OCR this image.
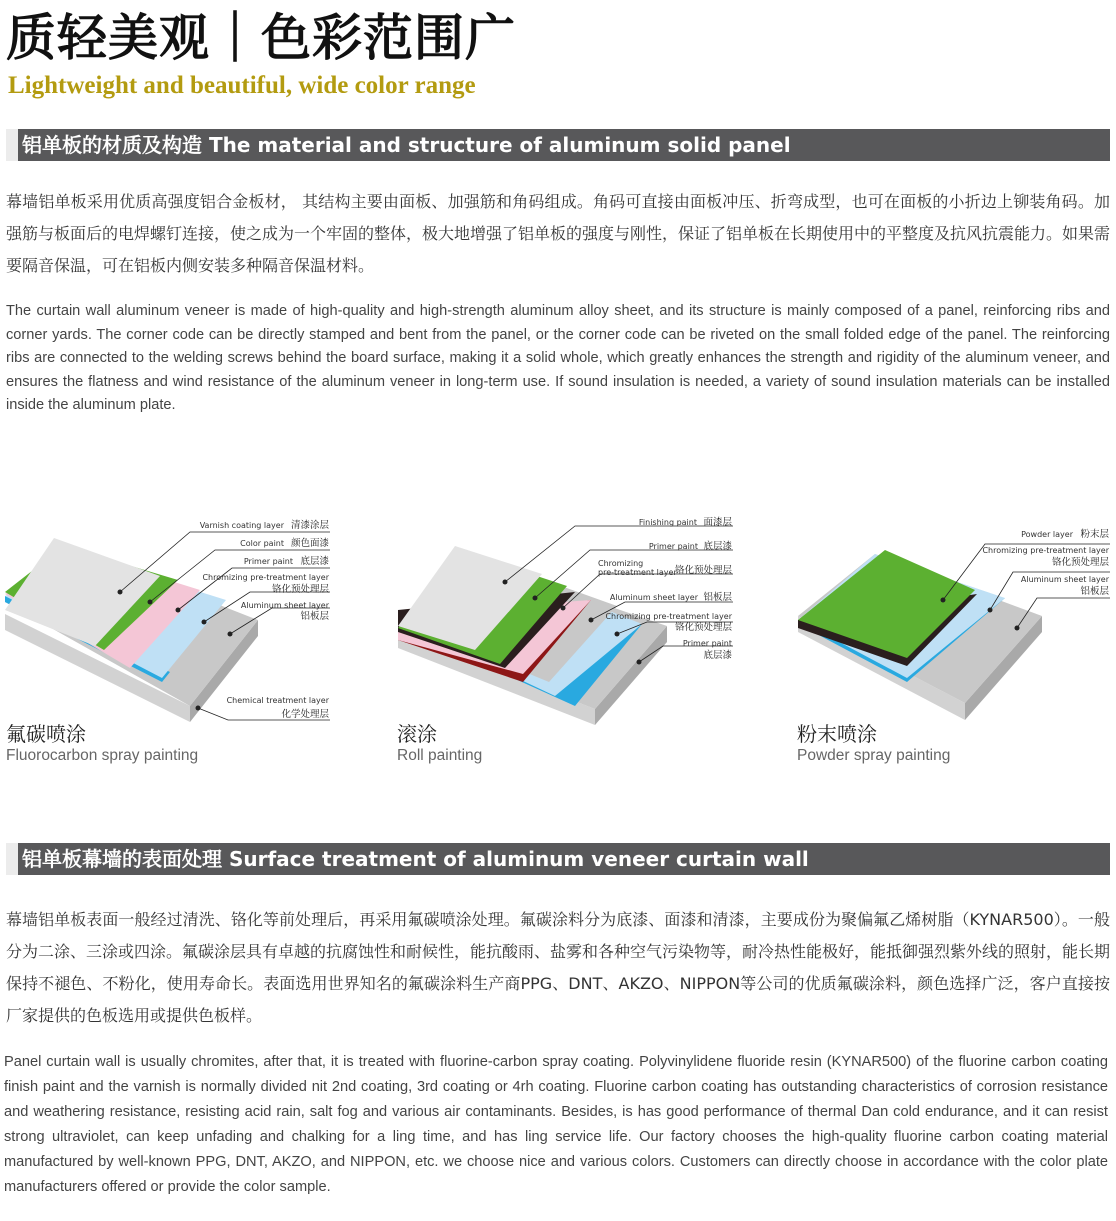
质轻美观｜色彩范围广
Lightweight and beautiful, wide color range
铝单板的材质及构造 The material and structure of aluminum solid panel
幕墙铝单板采用优质高强度铝合金板材， 其结构主要由面板、加强筋和角码组成。角码可直接由面板冲压、折弯成型，也可在面板的小折边上铆装角码。加强筋与板面后的电焊螺钉连接，使之成为一个牢固的整体，极大地增强了铝单板的强度与刚性，保证了铝单板在长期使用中的平整度及抗风抗震能力。如果需要隔音保温，可在铝板内侧安装多种隔音保温材料。
The curtain wall aluminum veneer is made of high-quality and high-strength aluminum alloy sheet, and its structure is mainly composed of a panel, reinforcing ribs and corner yards. The corner code can be directly stamped and bent from the panel, or the corner code can be riveted on the small folded edge of the panel. The reinforcing ribs are connected to the welding screws behind the board surface, making it a solid whole, which greatly enhances the strength and rigidity of the aluminum veneer, and ensures the flatness and wind resistance of the aluminum veneer in long-term use. If sound insulation is needed, a variety of sound insulation materials can be installed inside the aluminum plate.
Varnish coating layer 清漆涂层
Color paint 颜色面漆
Primer paint 底层漆
Chromizing pre-treatment layer
铬化预处理层
Aluminum sheet layer
铝板层
Chemical treatment layer
化学处理层
氟碳喷涂
Fluorocarbon spray painting
Finishing paint 面漆层
Primer paint 底层漆
Chromizing
pre-treatment layer
铬化预处理层
Aluminum sheet layer 铝板层
Chromizing pre-treatment layer
铬化预处理层
Primer paint
底层漆
滚涂
Roll painting
Powder layer 粉末层
Chromizing pre-treatment layer
铬化预处理层
Aluminum sheet layer
铝板层
粉末喷涂
Powder spray painting
铝单板幕墙的表面处理 Surface treatment of aluminum veneer curtain wall
幕墙铝单板表面一般经过清洗、铬化等前处理后，再采用氟碳喷涂处理。氟碳涂料分为底漆、面漆和清漆，主要成份为聚偏氟乙烯树脂（KYNAR500）。一般分为二涂、三涂或四涂。氟碳涂层具有卓越的抗腐蚀性和耐候性，能抗酸雨、盐雾和各种空气污染物等，耐冷热性能极好，能抵御强烈紫外线的照射，能长期保持不褪色、不粉化，使用寿命长。表面选用世界知名的氟碳涂料生产商PPG、DNT、AKZO、NIPPON等公司的优质氟碳涂料，颜色选择广泛，客户直接按厂家提供的色板选用或提供色板样。
Panel curtain wall is usually chromites, after that, it is treated with fluorine-carbon spray coating. Polyvinylidene fluoride resin (KYNAR500) of the fluorine carbon coating finish paint and the varnish is normally divided nit 2nd coating, 3rd coating or 4rh coating. Fluorine carbon coating has outstanding characteristics of corrosion resistance and weathering resistance, resisting acid rain, salt fog and various air contaminants. Besides, is has good performance of thermal Dan cold endurance, and it can resist strong ultraviolet, can keep unfading and chalking for a ling time, and has ling service life. Our factory chooses the high-quality fluorine carbon coating material manufactured by well-known PPG, DNT, AKZO, and NIPPON, etc. we choose nice and various colors. Customers can directly choose in accordance with the color plate manufacturers offered or provide the color sample.
